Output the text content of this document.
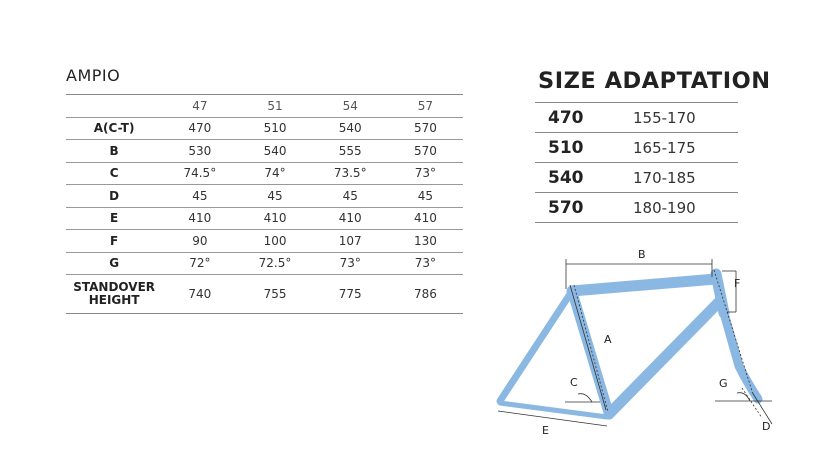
AMPIO
	47	51	54	57
A(C-T)	470	510	540	570
B	530	540	555	570
C	74.5°	74°	73.5°	73°
D	45	45	45	45
E	410	410	410	410
F	90	100	107	130
G	72°	72.5°	73°	73°
STANDOVER
HEIGHT	740	755	775	786
SIZE ADAPTATION
470	155-170
510	165-175
540	170-185
570	180-190
B
F
A
C	G
E	D
